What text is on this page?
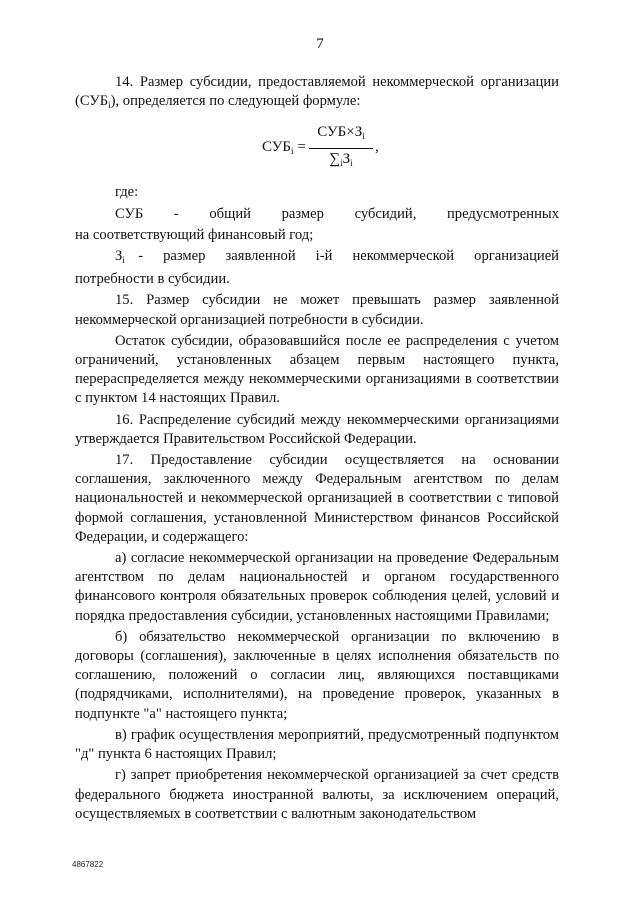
7

14. Размер субсидии, предоставляемой некоммерческой организации $(СУБ_i)$, определяется по следующей формуле:

$СУБ_i$ =
$СУБ\times З_i$
$\sum_iЗ_i$
,

где:

СУБ    -    общий    размер    субсидий,    предусмотренных

на соответствующий финансовый год;

$З_i$  -   размер   заявленной   i-й   некоммерческой   организацией потребности в субсидии.

15. Размер субсидии не может превышать размер заявленной некоммерческой организацией потребности в субсидии.

Остаток субсидии, образовавшийся после ее распределения с учетом ограничений, установленных абзацем первым настоящего пункта, перераспределяется между некоммерческими организациями в соответствии с пунктом 14 настоящих Правил.

16. Распределение субсидий между некоммерческими организациями утверждается Правительством Российской Федерации.

17. Предоставление субсидии осуществляется на основании соглашения, заключенного между Федеральным агентством по делам национальностей и некоммерческой организацией в соответствии с типовой формой соглашения, установленной Министерством финансов Российской Федерации, и содержащего:

а) согласие некоммерческой организации на проведение Федеральным агентством по делам национальностей и органом государственного финансового контроля обязательных проверок соблюдения целей, условий и порядка предоставления субсидии, установленных настоящими Правилами;

б) обязательство некоммерческой организации по включению в договоры (соглашения), заключенные в целях исполнения обязательств по соглашению, положений о согласии лиц, являющихся поставщиками (подрядчиками, исполнителями), на проведение проверок, указанных в подпункте "а" настоящего пункта;

в) график осуществления мероприятий, предусмотренный подпунктом "д" пункта 6 настоящих Правил;

г) запрет приобретения некоммерческой организацией за счет средств федерального бюджета иностранной валюты, за исключением операций, осуществляемых в соответствии с валютным законодательством

4867822
